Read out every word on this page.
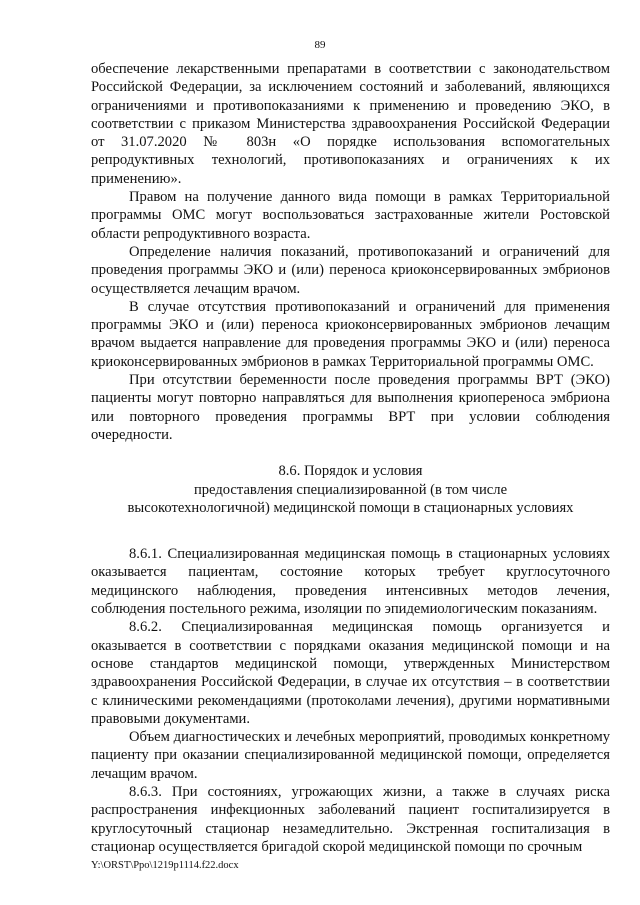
89

обеспечение лекарственными препаратами в соответствии с законодательством Российской Федерации, за исключением состояний и заболеваний, являющихся ограничениями и противопоказаниями к применению и проведению ЭКО, в соответствии с приказом Министерства здравоохранения Российской Федерации от 31.07.2020 № 803н «О порядке использования вспомогательных репродуктивных технологий, противопоказаниях и ограничениях к их применению».

Правом на получение данного вида помощи в рамках Территориальной программы ОМС могут воспользоваться застрахованные жители Ростовской области репродуктивного возраста.

Определение наличия показаний, противопоказаний и ограничений для проведения программы ЭКО и (или) переноса криоконсервированных эмбрионов осуществляется лечащим врачом.

В случае отсутствия противопоказаний и ограничений для применения программы ЭКО и (или) переноса криоконсервированных эмбрионов лечащим врачом выдается направление для проведения программы ЭКО и (или) переноса криоконсервированных эмбрионов в рамках Территориальной программы ОМС.

При отсутствии беременности после проведения программы ВРТ (ЭКО) пациенты могут повторно направляться для выполнения криопереноса эмбриона или повторного проведения программы ВРТ при условии соблюдения очередности.

8.6. Порядок и условия
предоставления специализированной (в том числе
высокотехнологичной) медицинской помощи в стационарных условиях

8.6.1. Специализированная медицинская помощь в стационарных условиях оказывается пациентам, состояние которых требует круглосуточного медицинского наблюдения, проведения интенсивных методов лечения, соблюдения постельного режима, изоляции по эпидемиологическим показаниям.

8.6.2. Специализированная медицинская помощь организуется и оказывается в соответствии с порядками оказания медицинской помощи и на основе стандартов медицинской помощи, утвержденных Министерством здравоохранения Российской Федерации, в случае их отсутствия – в соответствии с клиническими рекомендациями (протоколами лечения), другими нормативными правовыми документами.

Объем диагностических и лечебных мероприятий, проводимых конкретному пациенту при оказании специализированной медицинской помощи, определяется лечащим врачом.

8.6.3. При состояниях, угрожающих жизни, а также в случаях риска распространения инфекционных заболеваний пациент госпитализируется в круглосуточный стационар незамедлительно. Экстренная госпитализация в стационар осуществляется бригадой скорой медицинской помощи по срочным

Y:\ORST\Ppo\1219p1114.f22.docx
